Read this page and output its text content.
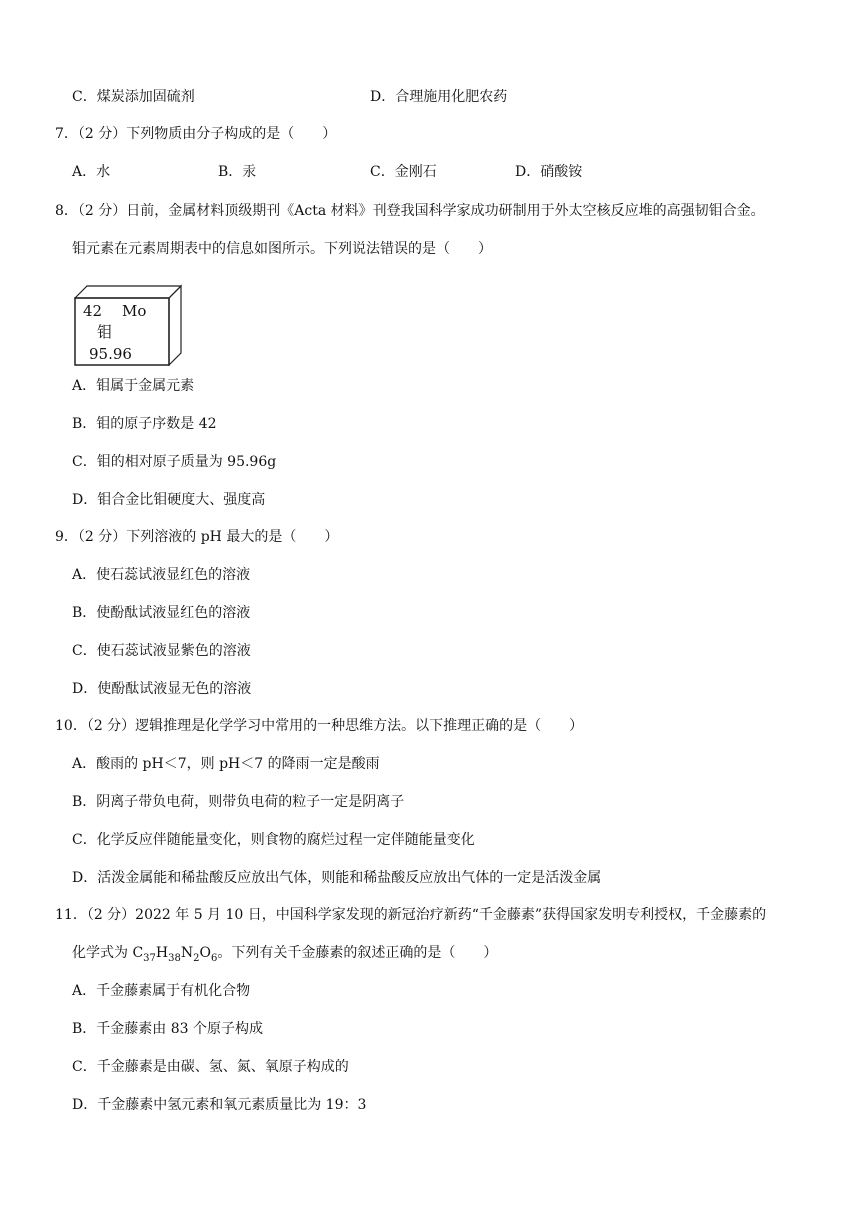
C．煤炭添加固硫剂	D．合理施用化肥农药
7．（2 分）下列物质由分子构成的是（　　）
A．水	B．汞	C．金刚石	D．硝酸铵
8．（2 分）日前，金属材料顶级期刊《Acta 材料》刊登我国科学家成功研制用于外太空核反应堆的高强韧钼合金。
钼元素在元素周期表中的信息如图所示。下列说法错误的是（　　）
42 Mo
钼
95.96
A．钼属于金属元素
B．钼的原子序数是 42
C．钼的相对原子质量为 95.96g
D．钼合金比钼硬度大、强度高
9．（2 分）下列溶液的 pH 最大的是（　　）
A．使石蕊试液显红色的溶液
B．使酚酞试液显红色的溶液
C．使石蕊试液显紫色的溶液
D．使酚酞试液显无色的溶液
10．（2 分）逻辑推理是化学学习中常用的一种思维方法。以下推理正确的是（　　）
A．酸雨的 pH＜7，则 pH＜7 的降雨一定是酸雨
B．阴离子带负电荷，则带负电荷的粒子一定是阴离子
C．化学反应伴随能量变化，则食物的腐烂过程一定伴随能量变化
D．活泼金属能和稀盐酸反应放出气体，则能和稀盐酸反应放出气体的一定是活泼金属
11．（2 分）2022 年 5 月 10 日，中国科学家发现的新冠治疗新药“千金藤素”获得国家发明专利授权，千金藤素的
化学式为 $C_{37}H_{38}N_2O_6$。下列有关千金藤素的叙述正确的是（　　）
A．千金藤素属于有机化合物
B．千金藤素由 83 个原子构成
C．千金藤素是由碳、氢、氮、氧原子构成的
D．千金藤素中氢元素和氧元素质量比为 19：3
